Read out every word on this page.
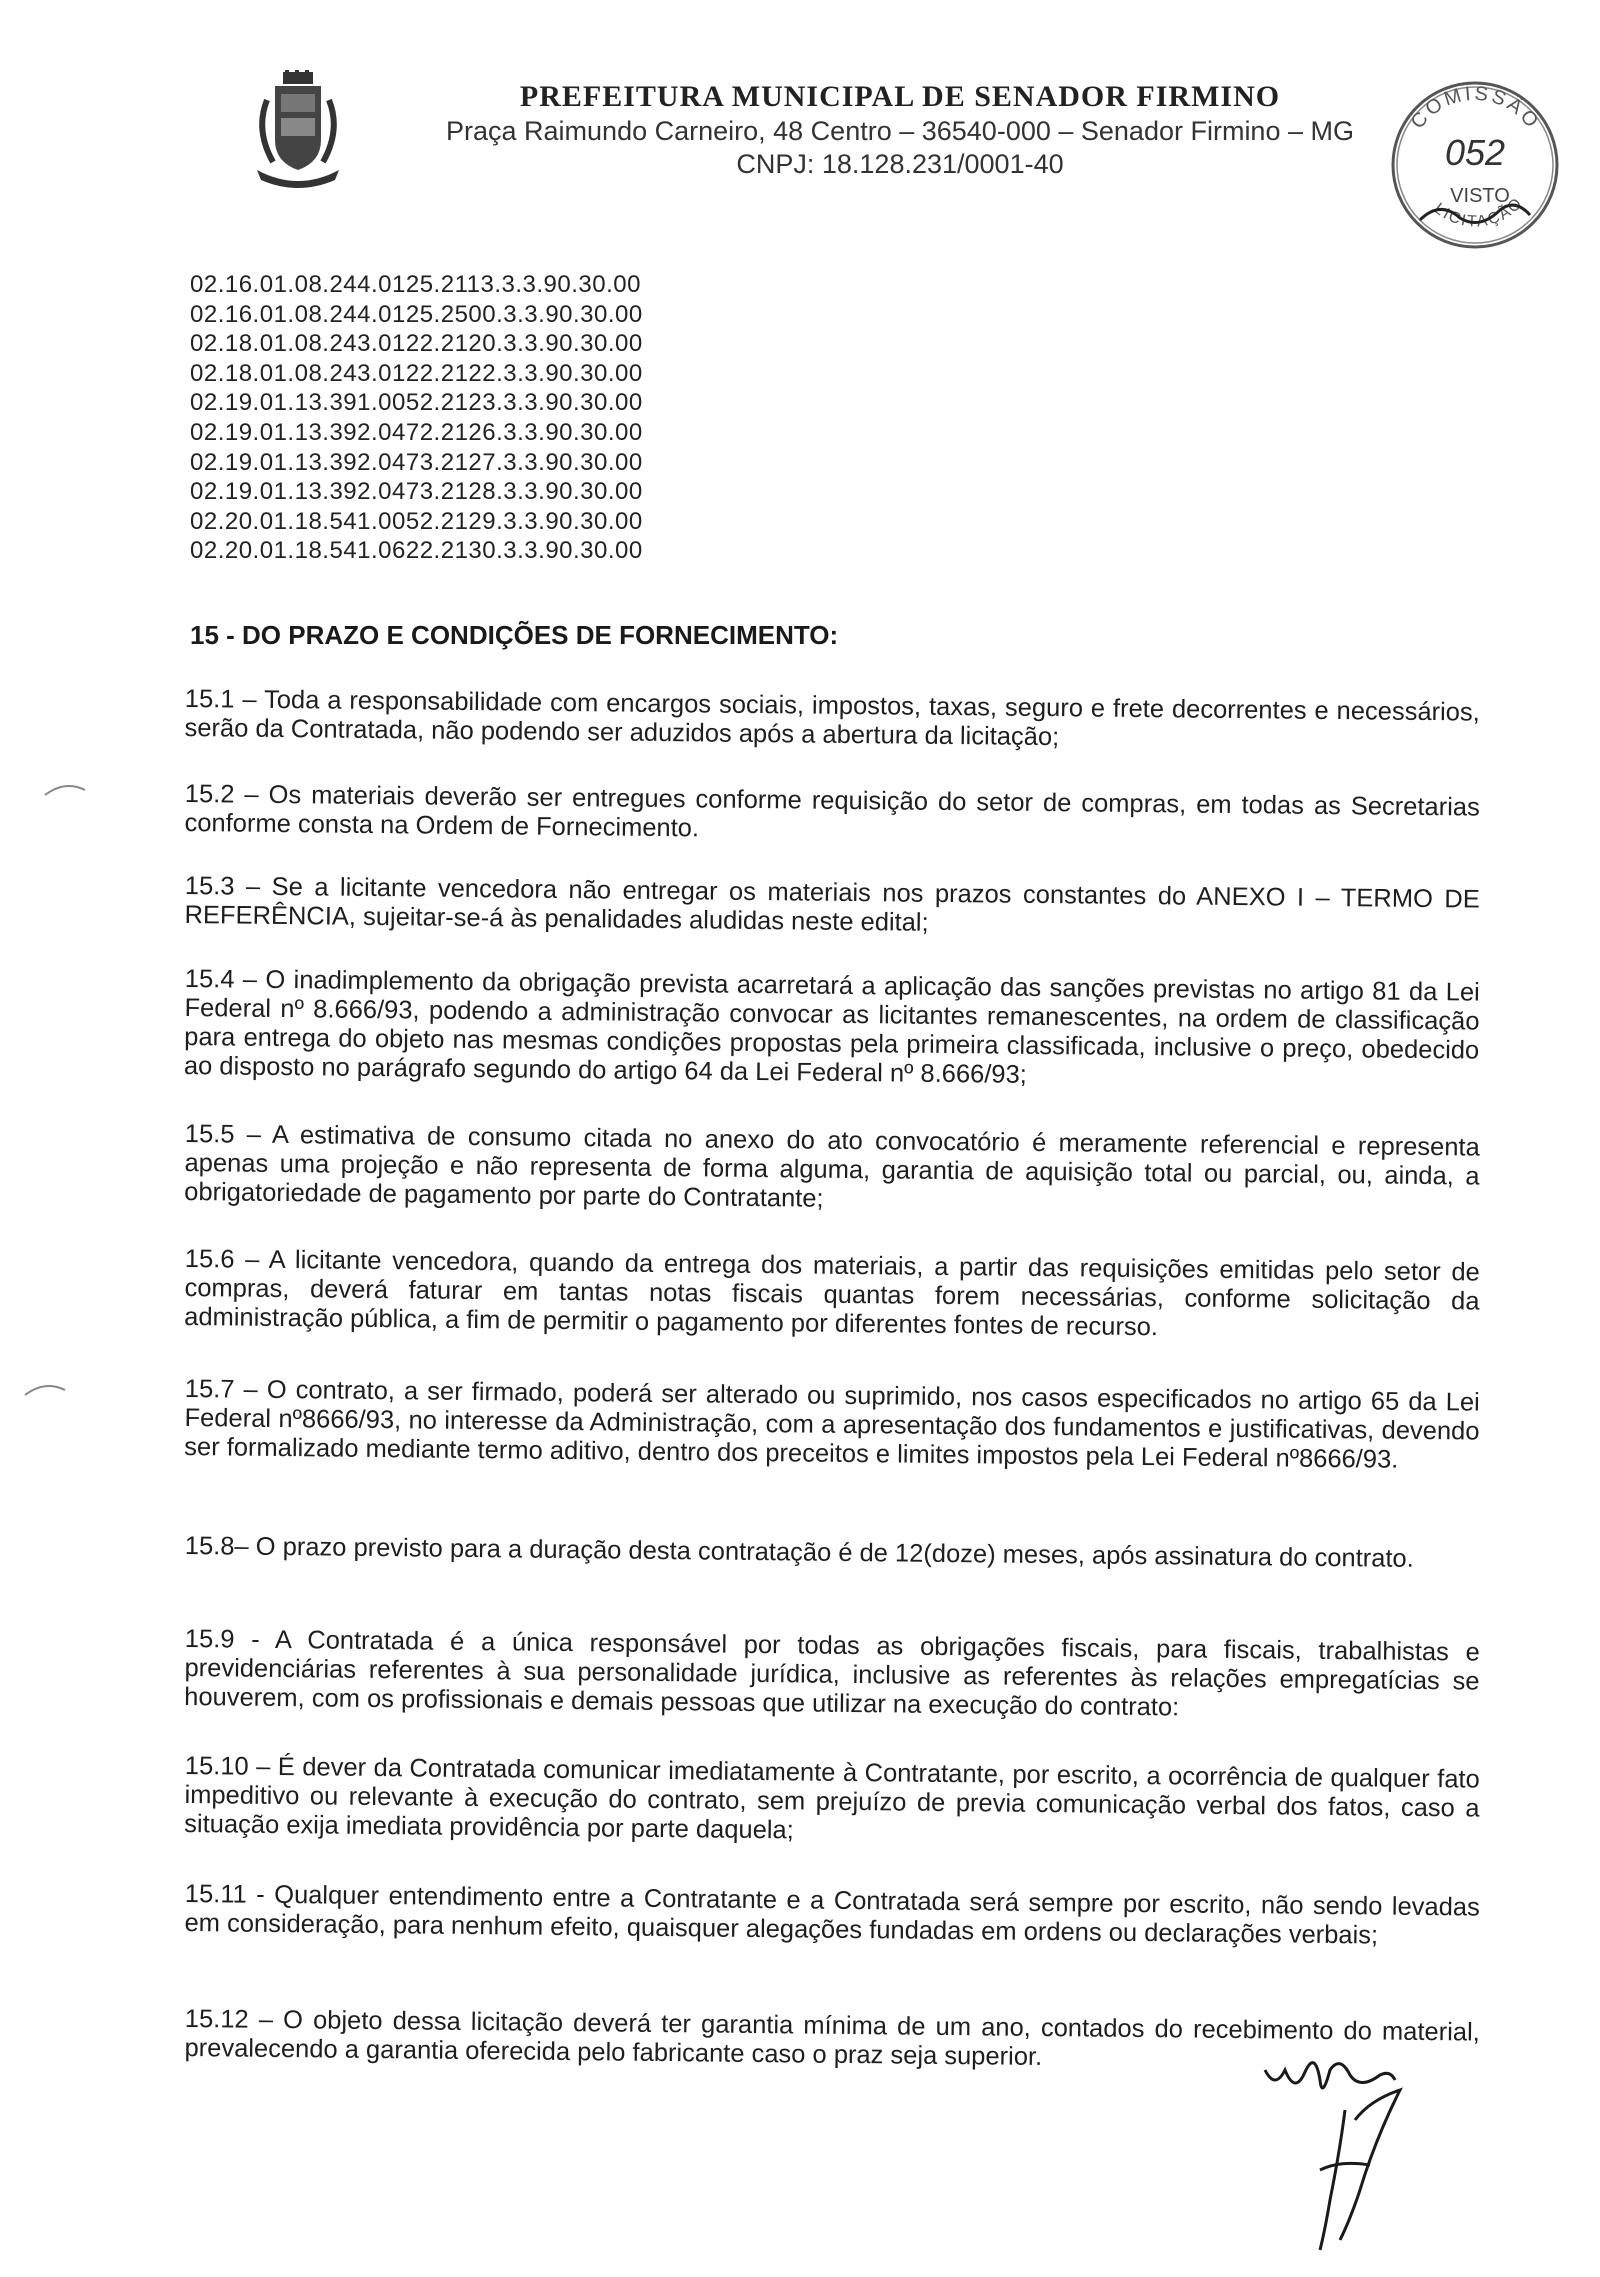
PREFEITURA MUNICIPAL DE SENADOR FIRMINO
Praça Raimundo Carneiro, 48 Centro – 36540-000 – Senador Firmino – MG
CNPJ: 18.128.231/0001-40
COMISSÃO
052
VISTO
LICITAÇÃO
02.16.01.08.244.0125.2113.3.3.90.30.00
02.16.01.08.244.0125.2500.3.3.90.30.00
02.18.01.08.243.0122.2120.3.3.90.30.00
02.18.01.08.243.0122.2122.3.3.90.30.00
02.19.01.13.391.0052.2123.3.3.90.30.00
02.19.01.13.392.0472.2126.3.3.90.30.00
02.19.01.13.392.0473.2127.3.3.90.30.00
02.19.01.13.392.0473.2128.3.3.90.30.00
02.20.01.18.541.0052.2129.3.3.90.30.00
02.20.01.18.541.0622.2130.3.3.90.30.00
15 - DO PRAZO E CONDIÇÕES DE FORNECIMENTO:
15.1 – Toda a responsabilidade com encargos sociais, impostos, taxas, seguro e frete decorrentes e necessários, serão da Contratada, não podendo ser aduzidos após a abertura da licitação;
15.2 – Os materiais deverão ser entregues conforme requisição do setor de compras, em todas as Secretarias conforme consta na Ordem de Fornecimento.
15.3 – Se a licitante vencedora não entregar os materiais nos prazos constantes do ANEXO I – TERMO DE REFERÊNCIA, sujeitar-se-á às penalidades aludidas neste edital;
15.4 – O inadimplemento da obrigação prevista acarretará a aplicação das sanções previstas no artigo 81 da Lei Federal nº 8.666/93, podendo a administração convocar as licitantes remanescentes, na ordem de classificação para entrega do objeto nas mesmas condições propostas pela primeira classificada, inclusive o preço, obedecido ao disposto no parágrafo segundo do artigo 64 da Lei Federal nº 8.666/93;
15.5 – A estimativa de consumo citada no anexo do ato convocatório é meramente referencial e representa apenas uma projeção e não representa de forma alguma, garantia de aquisição total ou parcial, ou, ainda, a obrigatoriedade de pagamento por parte do Contratante;
15.6 – A licitante vencedora, quando da entrega dos materiais, a partir das requisições emitidas pelo setor de compras, deverá faturar em tantas notas fiscais quantas forem necessárias, conforme solicitação da administração pública, a fim de permitir o pagamento por diferentes fontes de recurso.
15.7 – O contrato, a ser firmado, poderá ser alterado ou suprimido, nos casos especificados no artigo 65 da Lei Federal nº8666/93, no interesse da Administração, com a apresentação dos fundamentos e justificativas, devendo ser formalizado mediante termo aditivo, dentro dos preceitos e limites impostos pela Lei Federal nº8666/93.
15.8– O prazo previsto para a duração desta contratação é de 12(doze) meses, após assinatura do contrato.
15.9 - A Contratada é a única responsável por todas as obrigações fiscais, para fiscais, trabalhistas e previdenciárias referentes à sua personalidade jurídica, inclusive as referentes às relações empregatícias se houverem, com os profissionais e demais pessoas que utilizar na execução do contrato:
15.10 – É dever da Contratada comunicar imediatamente à Contratante, por escrito, a ocorrência de qualquer fato impeditivo ou relevante à execução do contrato, sem prejuízo de previa comunicação verbal dos fatos, caso a situação exija imediata providência por parte daquela;
15.11 - Qualquer entendimento entre a Contratante e a Contratada será sempre por escrito, não sendo levadas em consideração, para nenhum efeito, quaisquer alegações fundadas em ordens ou declarações verbais;
15.12 – O objeto dessa licitação deverá ter garantia mínima de um ano, contados do recebimento do material, prevalecendo a garantia oferecida pelo fabricante caso o praz seja superior.
